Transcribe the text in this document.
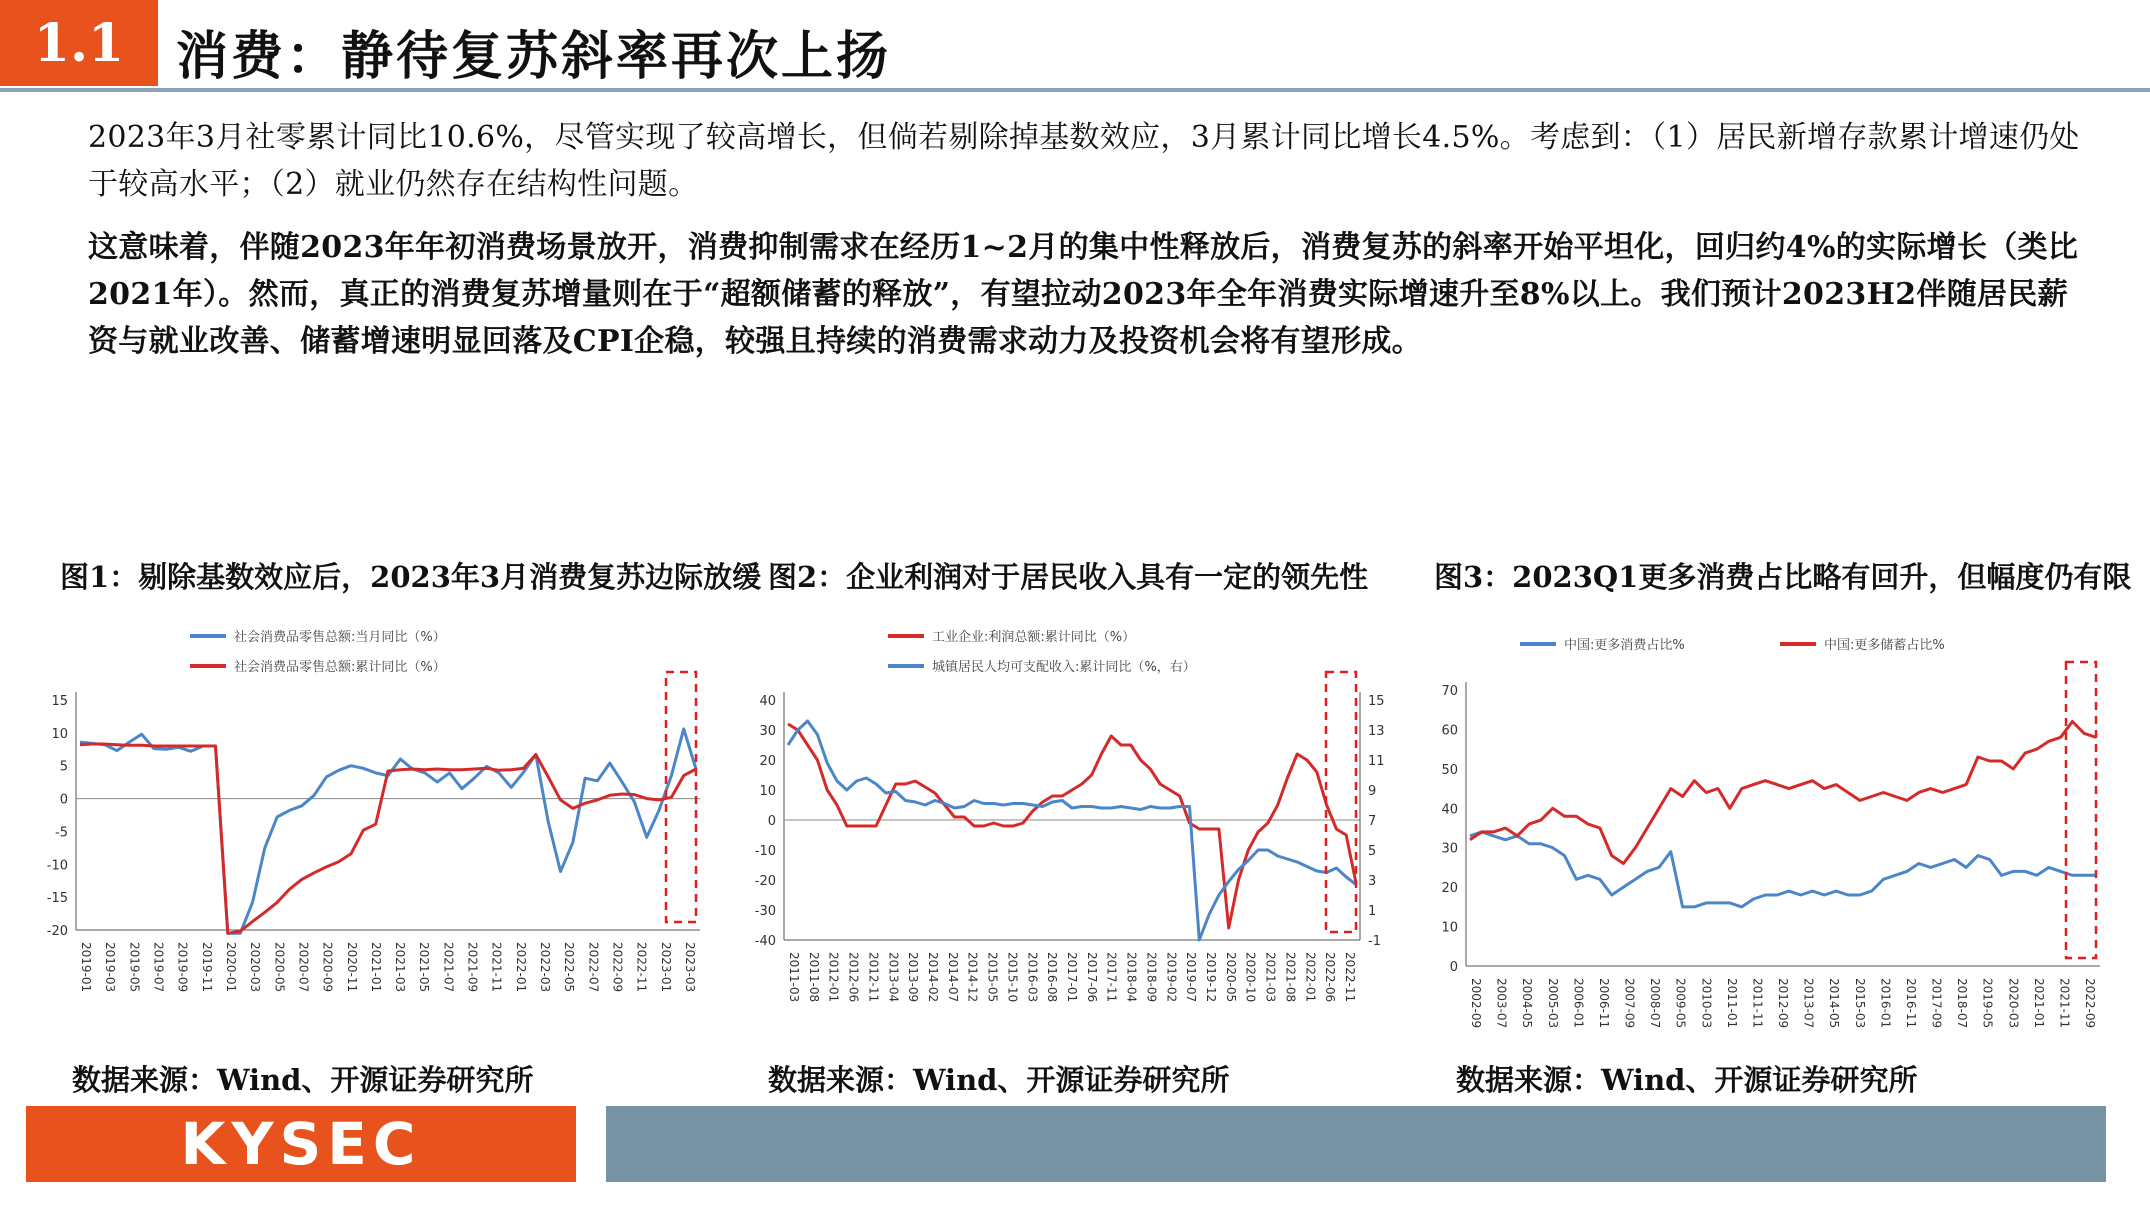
1.1 消费：静待复苏斜率再次上扬
2023年3月社零累计同比10.6%，尽管实现了较高增长，但倘若剔除掉基数效应，3月累计同比增长4.5%。考虑到：（1）居民新增存款累计增速仍处于较高水平；（2）就业仍然存在结构性问题。
这意味着，伴随2023年年初消费场景放开，消费抑制需求在经历1~2月的集中性释放后，消费复苏的斜率开始平坦化，回归约4%的实际增长（类比2021年）。然而，真正的消费复苏增量则在于“超额储蓄的释放”，有望拉动2023年全年消费实际增速升至8%以上。我们预计2023H2伴随居民薪资与就业改善、储蓄增速明显回落及CPI企稳，较强且持续的消费需求动力及投资机会将有望形成。
图1：剔除基数效应后，2023年3月消费复苏边际放缓 图2：企业利润对于居民收入具有一定的领先性 图3：2023Q1更多消费占比略有回升，但幅度仍有限
15
10
5
0
-5
-10
-15
-20
2019-01 2019-03 2019-05 2019-07 2019-09 2019-11 2020-01 2020-03 2020-05 2020-07 2020-09 2020-11 2021-01 2021-03 2021-05 2021-07 2021-09 2021-11 2022-01 2022-03 2022-05 2022-07 2022-09 2022-11 2023-01 2023-03
社会消费品零售总额:当月同比（%）
社会消费品零售总额:累计同比（%）
40
30
20
10
0
-10
-20
-30
-40
15
13
11
9
7
5
3
1
-1
2011-03 2011-08 2012-01 2012-06 2012-11 2013-04 2013-09 2014-02 2014-07 2014-12 2015-05 2015-10 2016-03 2016-08 2017-01 2017-06 2017-11 2018-04 2018-09 2019-02 2019-07 2019-12 2020-05 2020-10 2021-03 2021-08 2022-01 2022-06 2022-11
工业企业:利润总额:累计同比（%）
城镇居民人均可支配收入:累计同比（%，右）
70
60
50
40
30
20
10
0
2002-09 2003-07 2004-05 2005-03 2006-01 2006-11 2007-09 2008-07 2009-05 2010-03 2011-01 2011-11 2012-09 2013-07 2014-05 2015-03 2016-01 2016-11 2017-09 2018-07 2019-05 2020-03 2021-01 2021-11 2022-09
中国:更多消费占比%	中国:更多储蓄占比%
数据来源：Wind、开源证券研究所	数据来源：Wind、开源证券研究所	数据来源：Wind、开源证券研究所
KYSEC
